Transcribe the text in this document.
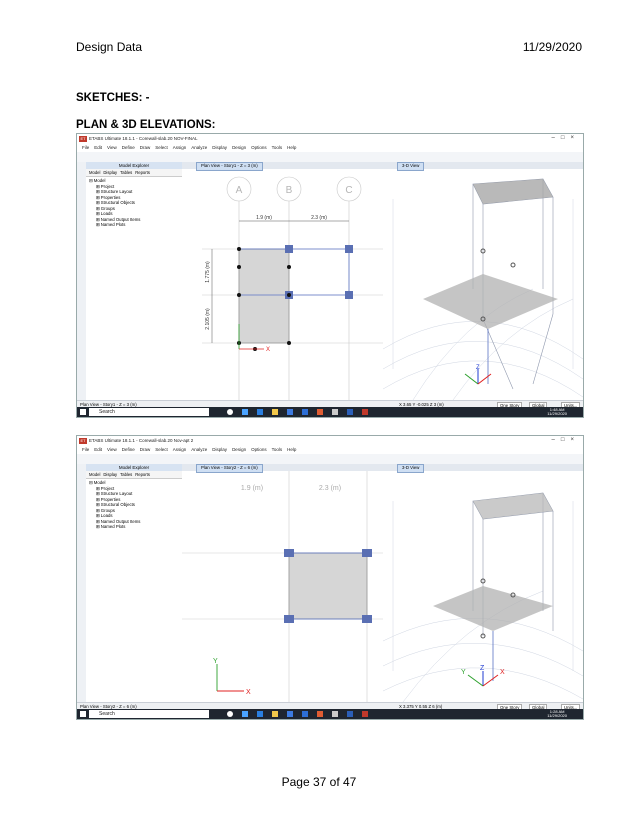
Design Data	11/29/2020
SKETCHES: -
PLAN & 3D ELEVATIONS:
ET ETABS Ultimate 18.1.1 - Corewall-slab.20 NOV-FINAL	–□×
File Edit View Define Draw Select Assign Analyze Display Design Options Tools Help
Model Explorer
Model Display Tables Reports
⊟ Model
⊞ Project
⊞ Structure Layout
⊞ Properties
⊞ Structural Objects
⊞ Groups
⊞ Loads
⊞ Named Output Items
⊞ Named Plots
Plan View - Story1 - Z = 3 (m)
A	B	C
1.9 (m)	2.3 (m)
1.775 (m)
2.105 (m)
X
3-D View
Z
Plan View - Story1 - Z = 3 (m)	X 3.65 Y -0.025 Z 3 (m)	One Story	Global	Units...
Search	1:48 AM
11/29/2020
ET ETABS Ultimate 18.1.1 - Corewall-slab.20 Nov-apt 2	–□×
File Edit View Define Draw Select Assign Analyze Display Design Options Tools Help
Model Explorer
Model Display Tables Reports
⊟ Model
⊞ Project
⊞ Structure Layout
⊞ Properties
⊞ Structural Objects
⊞ Groups
⊞ Loads
⊞ Named Output Items
⊞ Named Plots
Plan View - Story2 - Z = 6 (m)
1.9 (m)	2.3 (m)
Y
X
3-D View
Z
Y	X
Plan View - Story2 - Z = 6 (m)	X 3.375 Y 0.55 Z 6 (m)	One Story	Global	Units...
Search	1:28 AM
11/29/2020
Page 37 of 47
